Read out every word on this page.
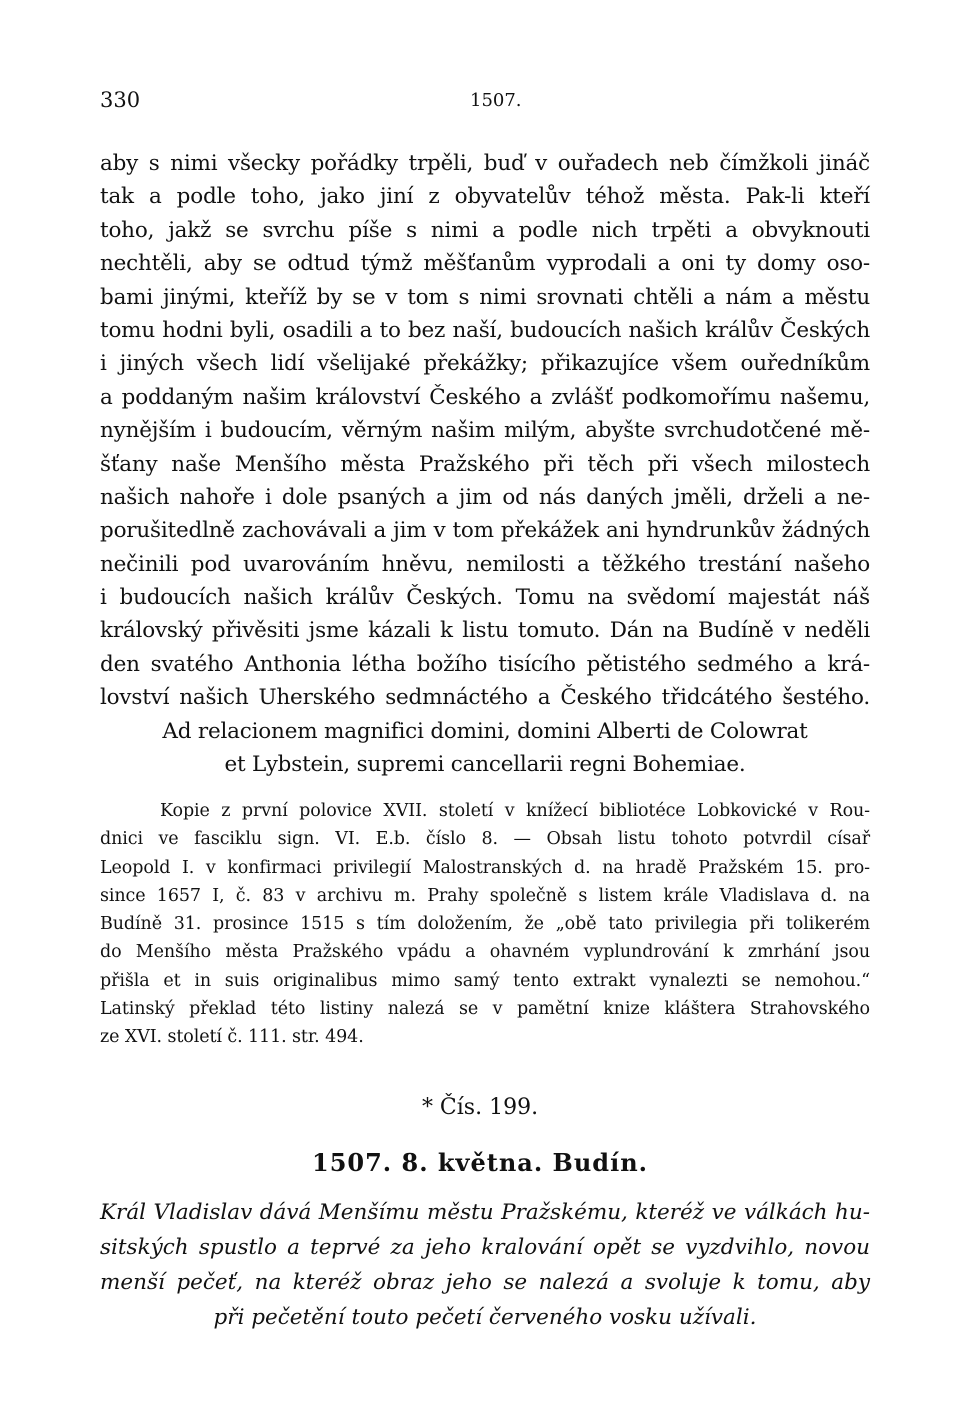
330	1507.
aby s nimi všecky pořádky trpěli, buď v ouřadech neb čímžkoli jináč
tak a podle toho, jako jiní z obyvatelův téhož města. Pak-li kteří
toho, jakž se svrchu píše s nimi a podle nich trpěti a obvyknouti
nechtěli, aby se odtud týmž měšťanům vyprodali a oni ty domy oso-
bami jinými, kteříž by se v tom s nimi srovnati chtěli a nám a městu
tomu hodni byli, osadili a to bez naší, budoucích našich králův Českých
i jiných všech lidí všelijaké překážky; přikazujíce všem ouředníkům
a poddaným našim království Českého a zvlášť podkomořímu našemu,
nynějším i budoucím, věrným našim milým, abyšte svrchudotčené mě-
šťany naše Menšího města Pražského při těch při všech milostech
našich nahoře i dole psaných a jim od nás daných jměli, drželi a ne-
porušitedlně zachovávali a jim v tom překážek ani hyndrunkův žádných
nečinili pod uvarováním hněvu, nemilosti a těžkého trestání našeho
i budoucích našich králův Českých. Tomu na svědomí majestát náš
královský přivěsiti jsme kázali k listu tomuto. Dán na Budíně v neděli
den svatého Anthonia létha božího tisícího pětistého sedmého a krá-
lovství našich Uherského sedmnáctého a Českého třidcátého šestého.
Ad relacionem magnifici domini, domini Alberti de Colowrat
et Lybstein, supremi cancellarii regni Bohemiae.
Kopie z první polovice XVII. století v knížecí bibliotéce Lobkovické v Rou-
dnici ve fasciklu sign. VI. E.b. číslo 8. — Obsah listu tohoto potvrdil císař
Leopold I. v konfirmaci privilegií Malostranských d. na hradě Pražském 15. pro-
since 1657 I, č. 83 v archivu m. Prahy společně s listem krále Vladislava d. na
Budíně 31. prosince 1515 s tím doložením, že „obě tato privilegia při tolikerém
do Menšího města Pražského vpádu a ohavném vyplundrování k zmrhání jsou
přišla et in suis originalibus mimo samý tento extrakt vynalezti se nemohou.“
Latinský překlad této listiny nalezá se v pamětní knize kláštera Strahovského
ze XVI. století č. 111. str. 494.
* Čís. 199.
1507. 8. května. Budín.
Král Vladislav dává Menšímu městu Pražskému, kteréž ve válkách hu-
sitských spustlo a teprvé za jeho kralování opět se vyzdvihlo, novou
menší pečeť, na kteréž obraz jeho se nalezá a svoluje k tomu, aby
při pečetění touto pečetí červeného vosku užívali.
